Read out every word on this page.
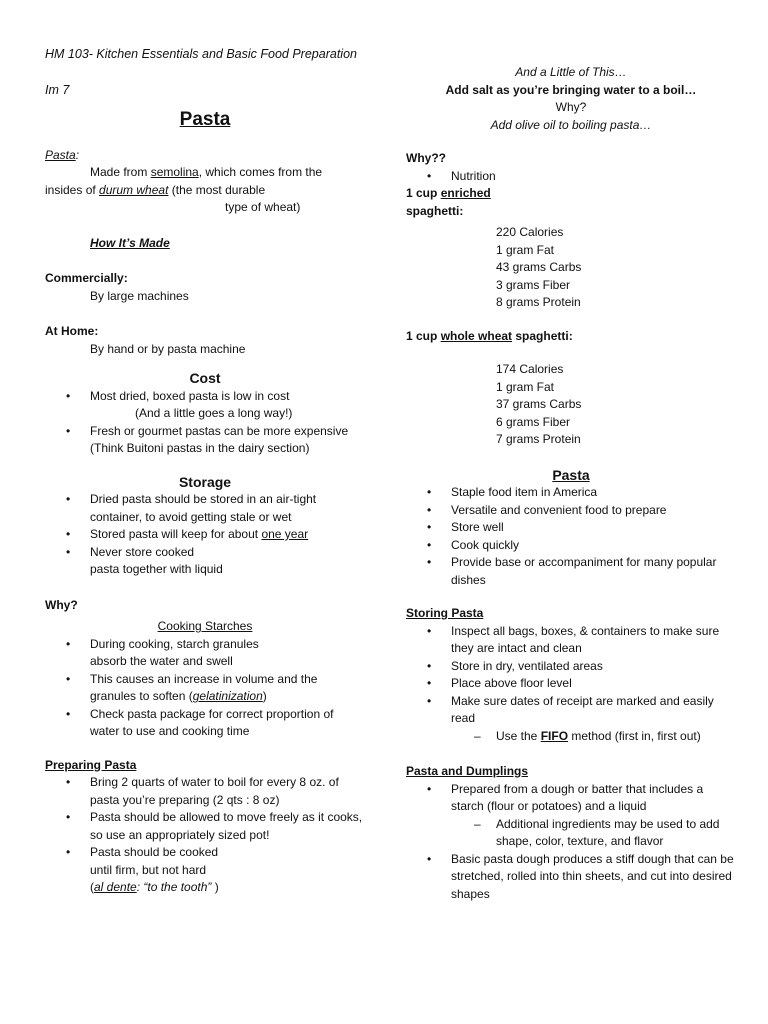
HM 103- Kitchen Essentials and Basic Food Preparation
Im 7
Pasta
Pasta:
Made from semolina, which comes from the
insides of durum wheat (the most durable
type of wheat)
How It’s Made
Commercially:
By large machines
At Home:
By hand or by pasta machine
Cost
• Most dried, boxed pasta is low in cost
(And a little goes a long way!)
• Fresh or gourmet pastas can be more expensive
(Think Buitoni pastas in the dairy section)
Storage
• Dried pasta should be stored in an air-tight container, to avoid getting stale or wet
• Stored pasta will keep for about one year
• Never store cooked
pasta together with liquid
Why?
Cooking Starches
• During cooking, starch granules
absorb the water and swell
• This causes an increase in volume and the granules to soften (gelatinization)
• Check pasta package for correct proportion of water to use and cooking time
Preparing Pasta
• Bring 2 quarts of water to boil for every 8 oz. of pasta you’re preparing (2 qts : 8 oz)
• Pasta should be allowed to move freely as it cooks, so use an appropriately sized pot!
• Pasta should be cooked
until firm, but not hard
(al dente: “to the tooth” )
And a Little of This…
Add salt as you’re bringing water to a boil…
Why?
Add olive oil to boiling pasta…
Why??
• Nutrition
1 cup enriched
spaghetti:
220 Calories
1 gram Fat
43 grams Carbs
3 grams Fiber
8 grams Protein
1 cup whole wheat spaghetti:
174 Calories
1 gram Fat
37 grams Carbs
6 grams Fiber
7 grams Protein
Pasta
• Staple food item in America
• Versatile and convenient food to prepare
• Store well
• Cook quickly
• Provide base or accompaniment for many popular dishes
Storing Pasta
• Inspect all bags, boxes, & containers to make sure they are intact and clean
• Store in dry, ventilated areas
• Place above floor level
• Make sure dates of receipt are marked and easily read
– Use the FIFO method (first in, first out)
Pasta and Dumplings
• Prepared from a dough or batter that includes a starch (flour or potatoes) and a liquid
– Additional ingredients may be used to add shape, color, texture, and flavor
• Basic pasta dough produces a stiff dough that can be stretched, rolled into thin sheets, and cut into desired shapes
